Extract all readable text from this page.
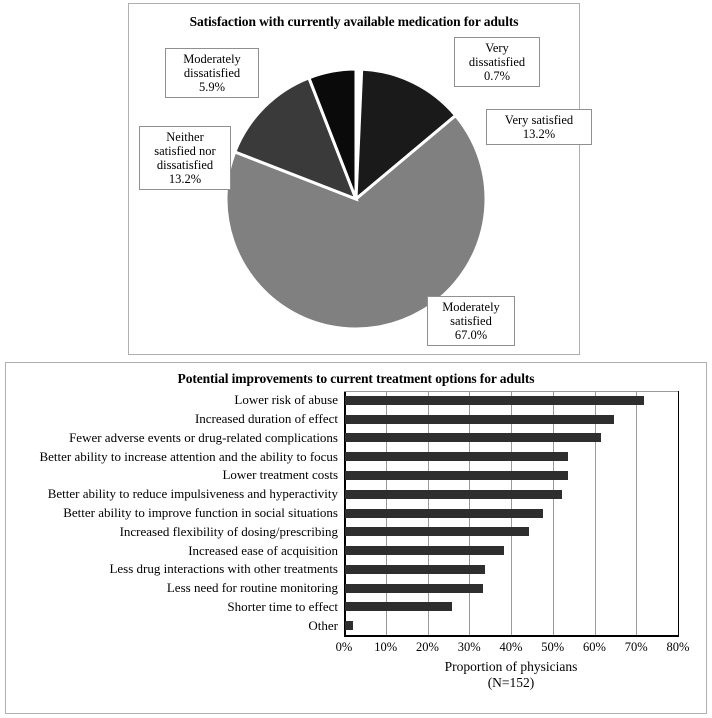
Satisfaction with currently available medication for adults
Moderately
dissatisfied
5.9%
Neither
satisfied nor
dissatisfied
13.2%
Very
dissatisfied
0.7%
Very satisfied
13.2%
Moderately
satisfied
67.0%
Potential improvements to current treatment options for adults
Lower risk of abuse
Increased duration of effect
Fewer adverse events or drug-related complications
Better ability to increase attention and the ability to focus
Lower treatment costs
Better ability to reduce impulsiveness and hyperactivity
Better ability to improve function in social situations
Increased flexibility of dosing/prescribing
Increased ease of acquisition
Less drug interactions with other treatments
Less need for routine monitoring
Shorter time to effect
Other
0%	10%	20%	30%	40%	50%	60%	70%	80%
Proportion of physicians
(N=152)
